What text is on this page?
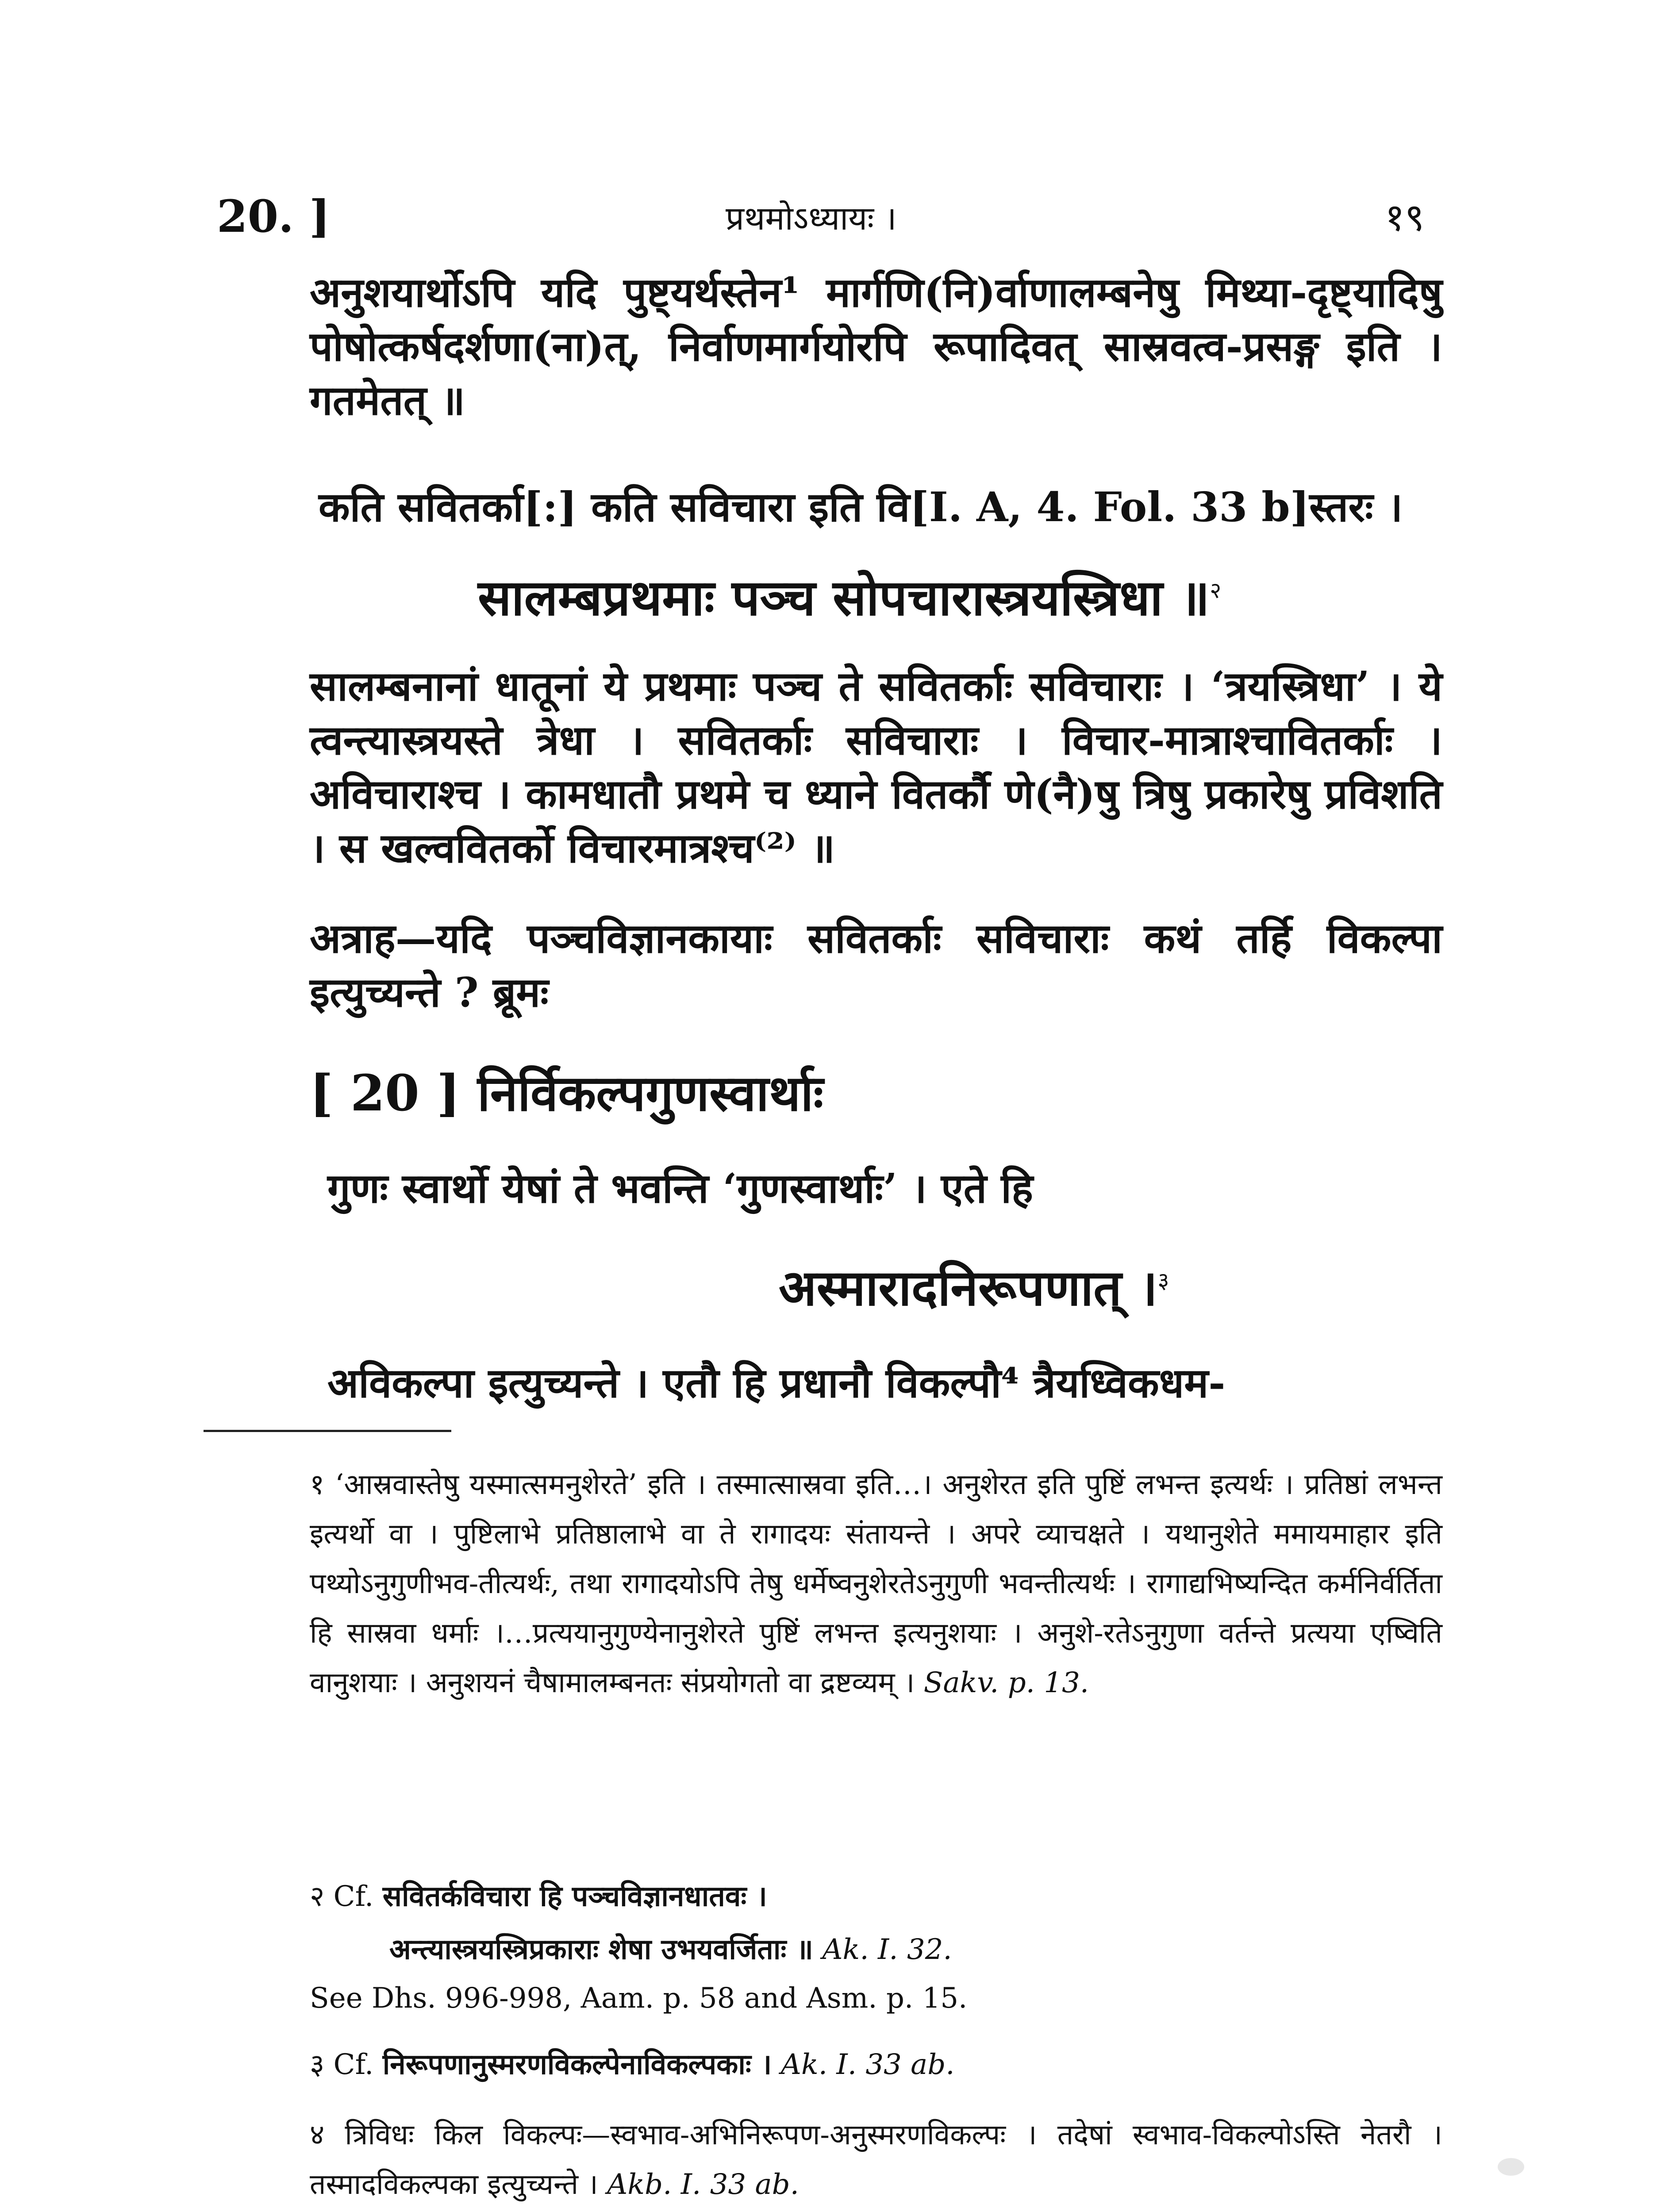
20. ]	प्रथमोऽध्यायः ।	१९
अनुशयार्थोऽपि यदि पुष्ट्यर्थस्तेन¹ मार्गणि(नि)र्वाणालम्बनेषु मिथ्या-दृष्ट्यादिषु पोषोत्कर्षदर्शणा(ना)त्, निर्वाणमार्गयोरपि रूपादिवत् सास्रवत्व-प्रसङ्ग इति । गतमेतत् ॥
कति सवितर्का[:] कति सविचारा इति वि[I. A, 4. Fol. 33 b]स्तरः ।
सालम्बप्रथमाः पञ्च सोपचारास्त्रयस्त्रिधा ॥$^२$
सालम्बनानां धातूनां ये प्रथमाः पञ्च ते सवितर्काः सविचाराः । ‘त्रयस्त्रिधा’ । ये त्वन्त्यास्त्रयस्ते त्रेधा । सवितर्काः सविचाराः । विचार-मात्राश्चावितर्काः । अविचाराश्च । कामधातौ प्रथमे च ध्याने वितर्कौ णे(नै)षु त्रिषु प्रकारेषु प्रविशति । स खल्ववितर्को विचारमात्रश्च⁽²⁾ ॥
अत्राह—यदि पञ्चविज्ञानकायाः सवितर्काः सविचाराः कथं तर्हि विकल्पा इत्युच्यन्ते ? ब्रूमः
[ 20 ] निर्विकल्पगुणस्वार्थाः
गुणः स्वार्थो येषां ते भवन्ति ‘गुणस्वार्थाः’ । एते हि
अस्मारादनिरूपणात् ।$^३$
अविकल्पा इत्युच्यन्ते । एतौ हि प्रधानौ विकल्पौ⁴ त्रैयध्विकधम-
१ ‘आस्रवास्तेषु यस्मात्समनुशेरते’ इति । तस्मात्सास्रवा इति…। अनुशेरत इति पुष्टिं लभन्त इत्यर्थः । प्रतिष्ठां लभन्त इत्यर्थो वा । पुष्टिलाभे प्रतिष्ठालाभे वा ते रागादयः संतायन्ते । अपरे व्याचक्षते । यथानुशेते ममायमाहार इति पथ्योऽनुगुणीभव-तीत्यर्थः, तथा रागादयोऽपि तेषु धर्मेष्वनुशेरतेऽनुगुणी भवन्तीत्यर्थः । रागाद्यभिष्यन्दित कर्मनिर्वर्तिता हि सास्रवा धर्माः ।…प्रत्ययानुगुण्येनानुशेरते पुष्टिं लभन्त इत्यनुशयाः । अनुशे-रतेऽनुगुणा वर्तन्ते प्रत्यया एष्विति वानुशयाः । अनुशयनं चैषामालम्बनतः संप्रयोगतो वा द्रष्टव्यम् । Sakv. p. 13.
२ Cf. सवितर्कविचारा हि पञ्चविज्ञानधातवः ।
अन्त्यास्त्रयस्त्रिप्रकाराः शेषा उभयवर्जिताः ॥ Ak. I. 32.
See Dhs. 996-998, Aam. p. 58 and Asm. p. 15.
३ Cf. निरूपणानुस्मरणविकल्पेनाविकल्पकाः । Ak. I. 33 ab.
४ त्रिविधः किल विकल्पः—स्वभाव-अभिनिरूपण-अनुस्मरणविकल्पः । तदेषां स्वभाव-विकल्पोऽस्ति नेतरौ । तस्मादविकल्पका इत्युच्यन्ते । Akb. I. 33 ab.
